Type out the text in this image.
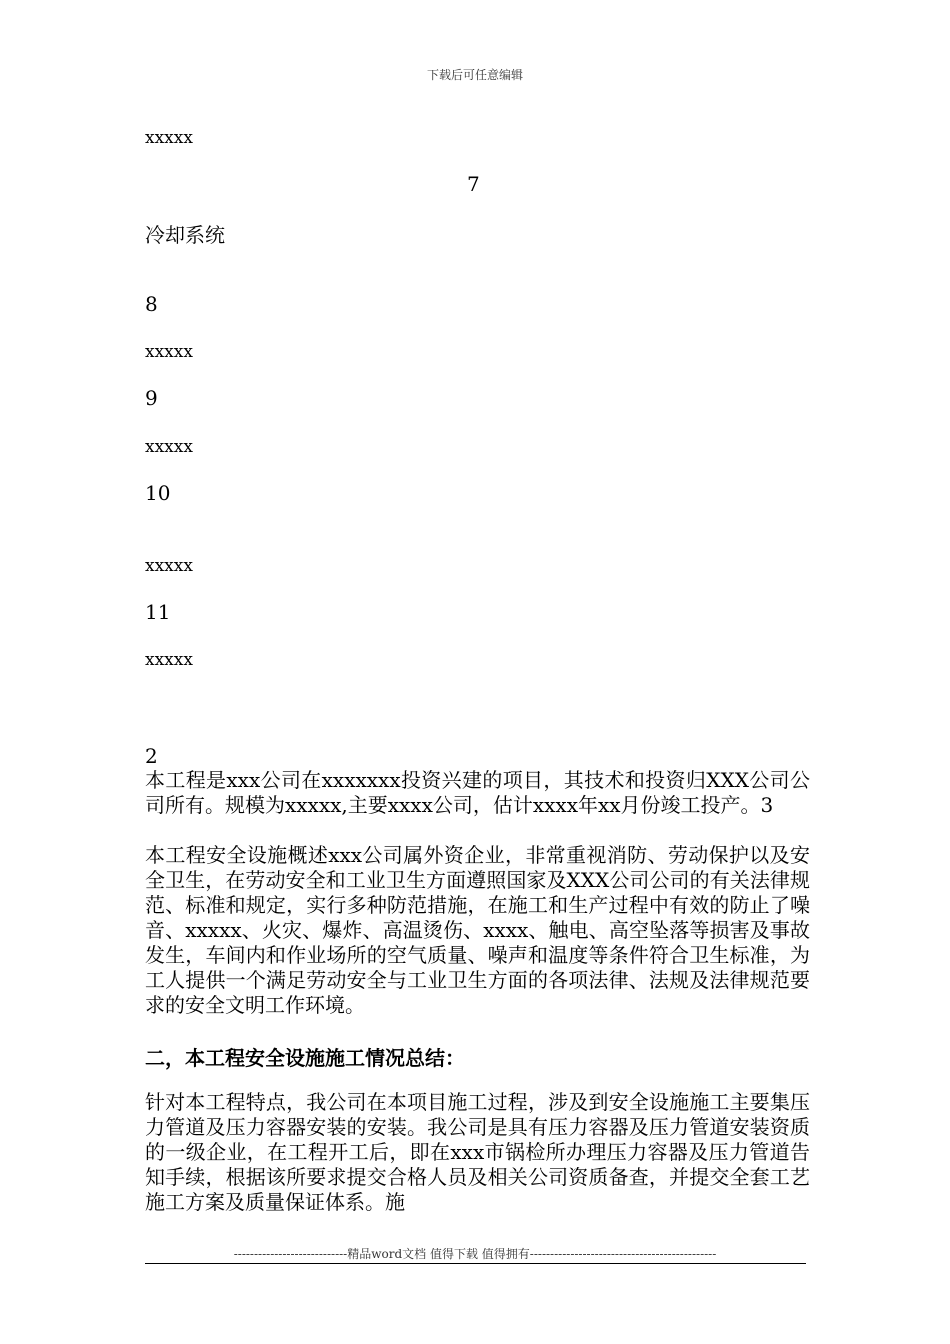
下载后可任意编辑
xxxxx
7
冷却系统
8
xxxxx
9
xxxxx
10
xxxxx
11
xxxxx
2
本工程是xxx公司在xxxxxxx投资兴建的项目，其技术和投资归XXX公司公司所有。规模为xxxxx,主要xxxx公司，估计xxxx年xx月份竣工投产。3
本工程安全设施概述xxx公司属外资企业，非常重视消防、劳动保护以及安全卫生，在劳动安全和工业卫生方面遵照国家及XXX公司公司的有关法律规范、标准和规定，实行多种防范措施，在施工和生产过程中有效的防止了噪音、xxxxx、火灾、爆炸、高温烫伤、xxxx、触电、高空坠落等损害及事故发生，车间内和作业场所的空气质量、噪声和温度等条件符合卫生标准，为工人提供一个满足劳动安全与工业卫生方面的各项法律、法规及法律规范要求的安全文明工作环境。
二，本工程安全设施施工情况总结：
针对本工程特点，我公司在本项目施工过程，涉及到安全设施施工主要集压力管道及压力容器安装的安装。我公司是具有压力容器及压力管道安装资质的一级企业，在工程开工后，即在xxx市锅检所办理压力容器及压力管道告知手续，根据该所要求提交合格人员及相关公司资质备查，并提交全套工艺施工方案及质量保证体系。施
----------------------------精品word文档 值得下载 值得拥有----------------------------------------------
